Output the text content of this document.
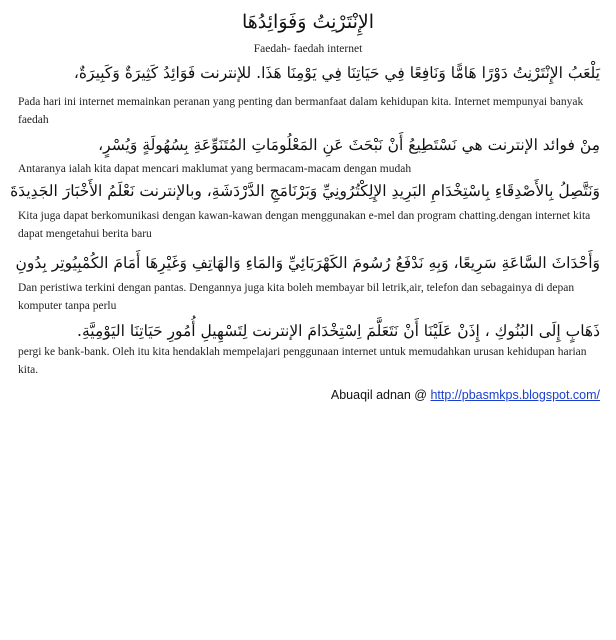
الإِنْتَرْنِتُ وَفَوَائِدُهَا
Faedah- faedah internet
يَلْعَبُ الإِنْتَرْنِتُ دَوْرًا هَامًّا وَنَافِعًا فِي حَيَاتِنَا فِي يَوْمِنَا هَذَا. للإنترنت فَوَائِدُ كَثِيرَةٌ وَكَبِيرَةٌ،
Pada hari ini internet memainkan peranan yang penting dan bermanfaat dalam kehidupan kita. Internet mempunyai banyak faedah
مِنْ فوائد الإنترنت هي نَسْتَطِيعُ أَنْ نَبْحَثَ عَنِ المَعْلُومَاتِ المُتَنَوِّعَةِ بِسُهُولَةٍ وَيُسْرٍ،
Antaranya ialah kita dapat mencari maklumat yang bermacam-macam dengan mudah
وَنَتَّصِلُ بِالأَصْدِقَاءِ بِاسْتِخْدَامِ البَرِيدِ الإِلِكْتُرُونِيِّ وَبَرْنَامَجِ الدَّرْدَشَةِ، وبالإنترنت نَعْلَمُ الأَخْبَارَ الجَدِيدَةَ
Kita juga dapat berkomunikasi dengan kawan-kawan dengan menggunakan e-mel dan program chatting.dengan internet kita dapat mengetahui berita baru
وَأَحْدَاثَ السَّاعَةِ سَرِيعًا، وَبِهِ نَدْفَعُ رُسُومَ الكَهْرَبَائِيِّ وَالمَاءِ وَالهَاتِفِ وَغَيْرِهَا أَمَامَ الكُمْبِيُوتِر بِدُونِ
Dan peristiwa terkini dengan pantas. Dengannya juga kita boleh membayar bil letrik,air, telefon dan sebagainya di depan komputer tanpa perlu
ذَهَابٍ إِلَى البُنُوكِ ، إِذَنْ عَلَيْنَا أَنْ نَتَعَلَّمَ اِسْتِخْدَامَ الإنترنت لِتَسْهِيلِ أُمُورِ حَيَاتِنَا اليَوْمِيَّةِ.
pergi ke bank-bank. Oleh itu kita hendaklah mempelajari penggunaan internet untuk memudahkan urusan kehidupan harian kita.
Abuaqil adnan @ http://pbasmkps.blogspot.com/
